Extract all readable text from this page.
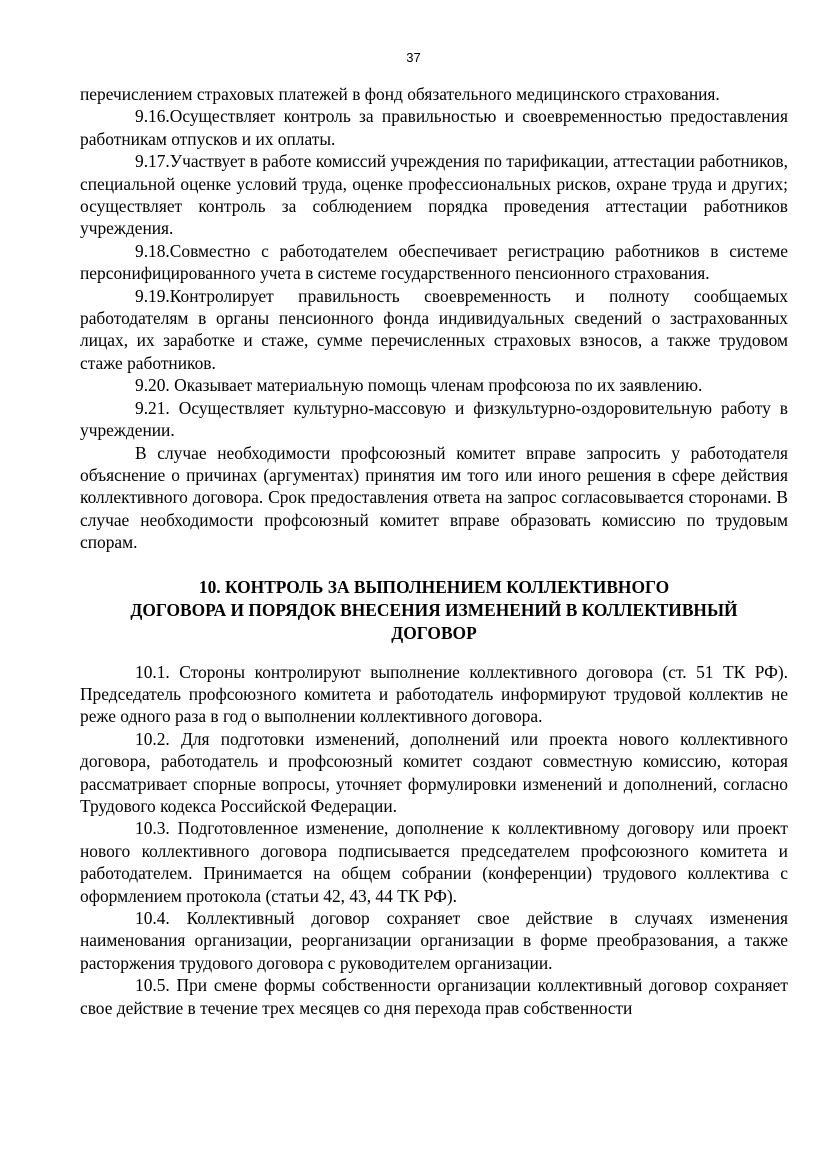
37

перечислением страховых платежей в фонд обязательного медицинского страхования.

9.16.Осуществляет контроль за правильностью и своевременностью предоставления работникам отпусков и их оплаты.

9.17.Участвует в работе комиссий учреждения по тарификации, аттестации работников, специальной оценке условий труда, оценке профессиональных рисков, охране труда и других; осуществляет контроль за соблюдением порядка проведения аттестации работников учреждения.

9.18.Совместно с работодателем обеспечивает регистрацию работников в системе персонифицированного учета в системе государственного пенсионного страхования.

9.19.Контролирует правильность своевременность и полноту сообщаемых работодателям в органы пенсионного фонда индивидуальных сведений о застрахованных лицах, их заработке и стаже, сумме перечисленных страховых взносов, а также трудовом стаже работников.

9.20. Оказывает материальную помощь членам профсоюза по их заявлению.

9.21. Осуществляет культурно-массовую и физкультурно-оздоровительную работу в учреждении.

В случае необходимости профсоюзный комитет вправе запросить у работодателя объяснение о причинах (аргументах) принятия им того или иного решения в сфере действия коллективного договора. Срок предоставления ответа на запрос согласовывается сторонами. В случае необходимости профсоюзный комитет вправе образовать комиссию по трудовым спорам.

10. КОНТРОЛЬ ЗА ВЫПОЛНЕНИЕМ КОЛЛЕКТИВНОГО
ДОГОВОРА И ПОРЯДОК ВНЕСЕНИЯ ИЗМЕНЕНИЙ В КОЛЛЕКТИВНЫЙ
ДОГОВОР

10.1. Стороны контролируют выполнение коллективного договора (ст. 51 ТК РФ). Председатель профсоюзного комитета и работодатель информируют трудовой коллектив не реже одного раза в год о выполнении коллективного договора.

10.2. Для подготовки изменений, дополнений или проекта нового коллективного договора, работодатель и профсоюзный комитет создают совместную комиссию, которая рассматривает спорные вопросы, уточняет формулировки изменений и дополнений, согласно Трудового кодекса Российской Федерации.

10.3. Подготовленное изменение, дополнение к коллективному договору или проект нового коллективного договора подписывается председателем профсоюзного комитета и работодателем. Принимается на общем собрании (конференции) трудового коллектива с оформлением протокола (статьи 42, 43, 44 ТК РФ).

10.4. Коллективный договор сохраняет свое действие в случаях изменения наименования организации, реорганизации организации в форме преобразования, а также расторжения трудового договора с руководителем организации.

10.5. При смене формы собственности организации коллективный договор сохраняет свое действие в течение трех месяцев со дня перехода прав собственности
